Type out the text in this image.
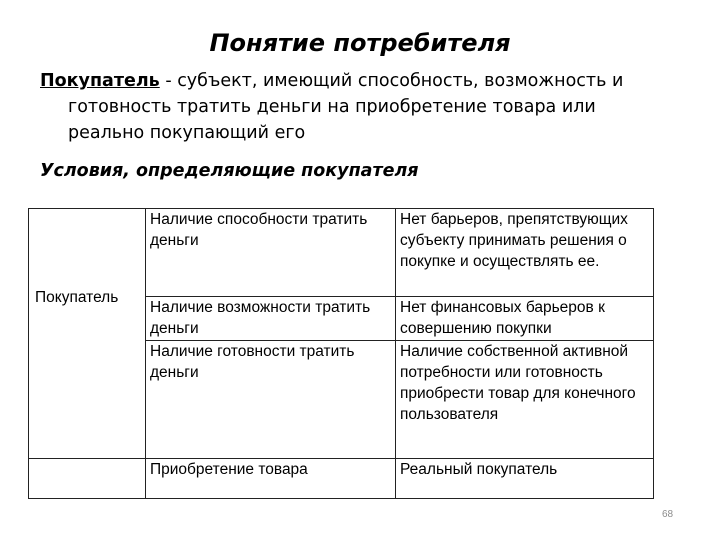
Понятие потребителя
Покупатель - субъект, имеющий способность, возможность и
готовность тратить деньги на приобретение товара или
реально покупающий его
Условия, определяющие покупателя
Покупатель	Наличие способности тратить деньги	Нет барьеров, препятствующих субъекту принимать решения о покупке и осуществлять ее.

	Наличие возможности тратить деньги	Нет финансовых барьеров к совершению покупки

	Наличие готовности тратить деньги	Наличие собственной активной потребности или готовность приобрести товар для конечного пользователя

	Приобретение товара	Реальный покупатель
68
